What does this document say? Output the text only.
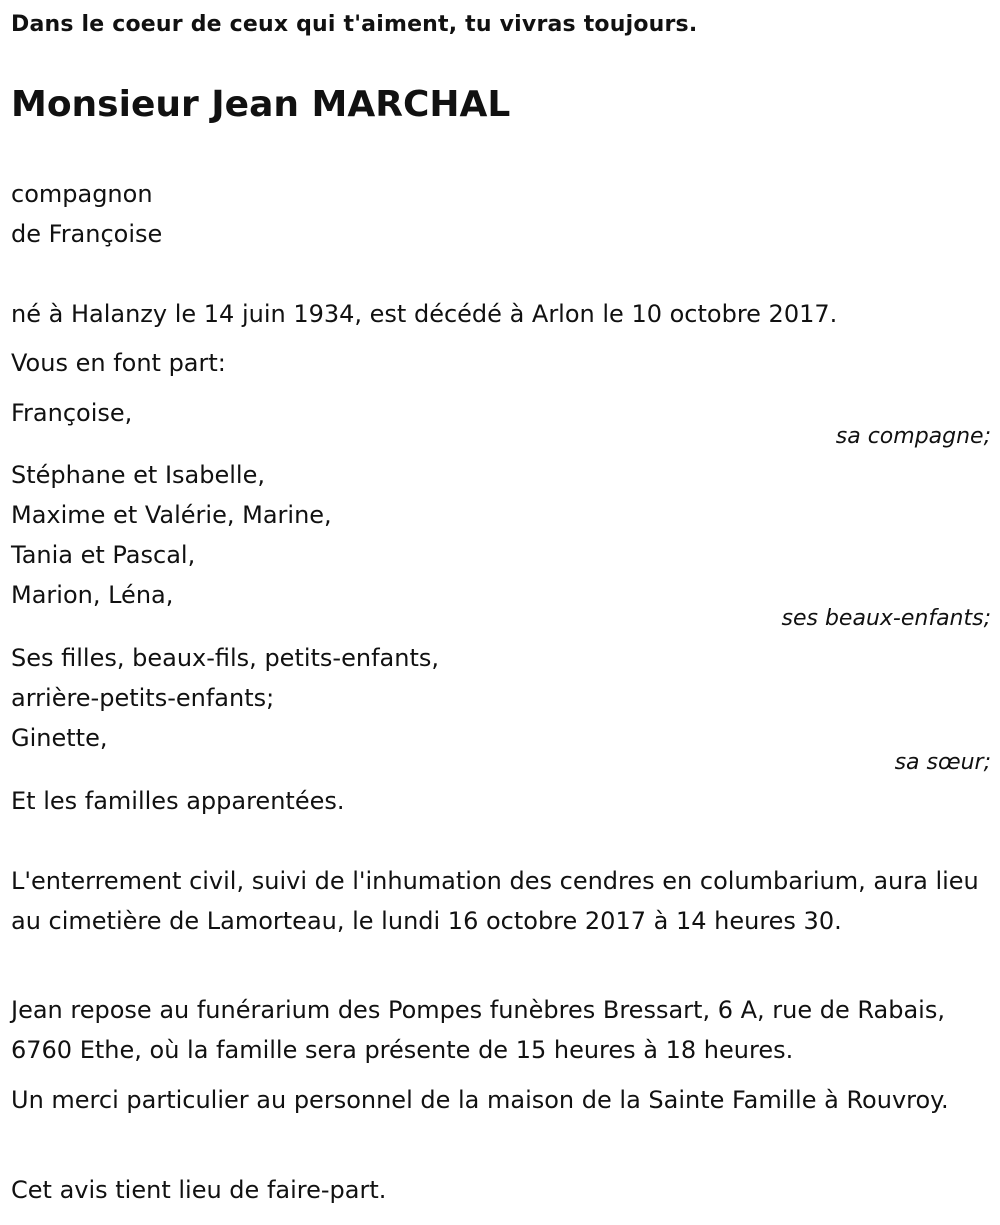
Dans le coeur de ceux qui t'aiment, tu vivras toujours.
Monsieur Jean MARCHAL
compagnon
de Françoise
né à Halanzy le 14 juin 1934, est décédé à Arlon le 10 octobre 2017.
Vous en font part:
Françoise,
sa compagne;
Stéphane et Isabelle,
Maxime et Valérie, Marine,
Tania et Pascal,
Marion, Léna,
ses beaux-enfants;
Ses filles, beaux-fils, petits-enfants,
arrière-petits-enfants;
Ginette,
sa sœur;
Et les familles apparentées.
L'enterrement civil, suivi de l'inhumation des cendres en columbarium, aura lieu au cimetière de Lamorteau, le lundi 16 octobre 2017 à 14 heures 30.
Jean repose au funérarium des Pompes funèbres Bressart, 6 A, rue de Rabais, 6760 Ethe, où la famille sera présente de 15 heures à 18 heures.
Un merci particulier au personnel de la maison de la Sainte Famille à Rouvroy.
Cet avis tient lieu de faire-part.
